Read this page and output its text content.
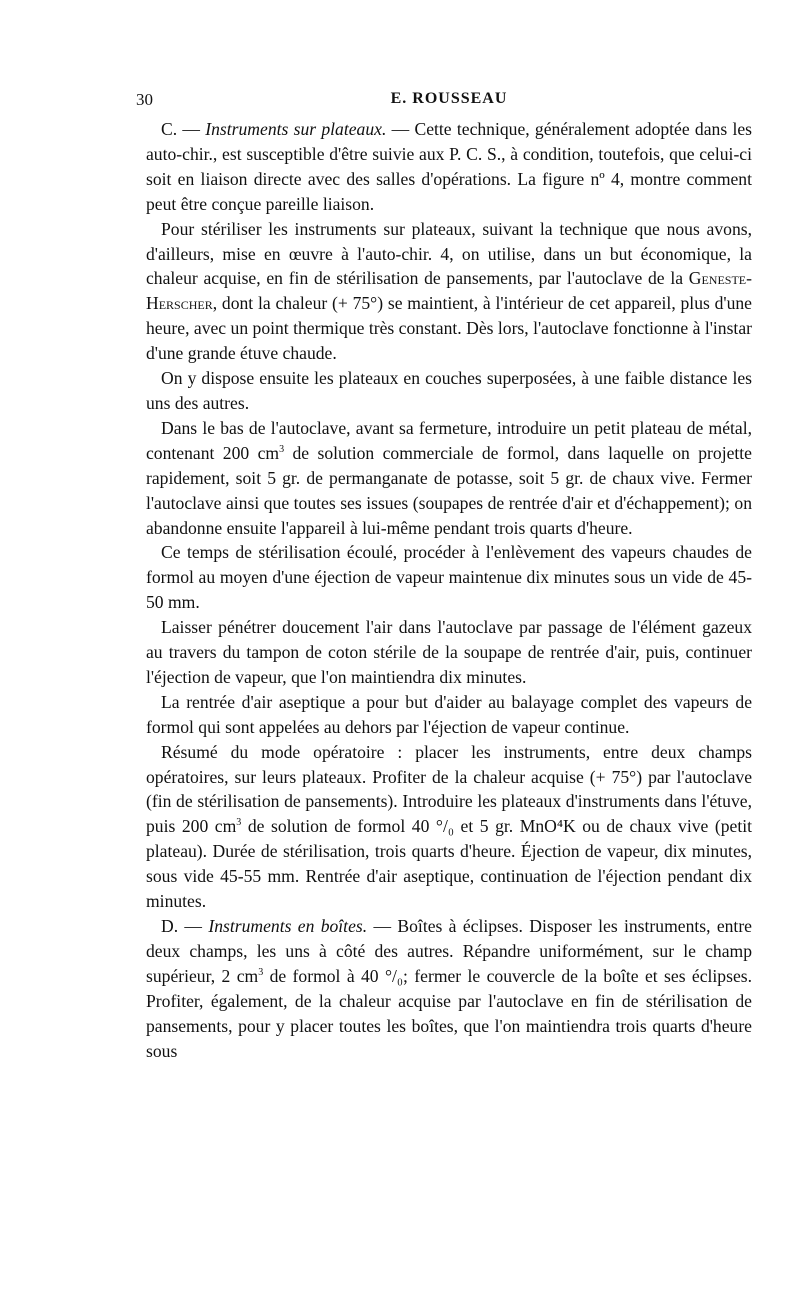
30	E. ROUSSEAU

C. — Instruments sur plateaux. — Cette technique, généralement adoptée dans les auto-chir., est susceptible d'être suivie aux P. C. S., à condition, toutefois, que celui-ci soit en liaison directe avec des salles d'opérations. La figure nº 4, montre comment peut être conçue pareille liaison.

Pour stériliser les instruments sur plateaux, suivant la technique que nous avons, d'ailleurs, mise en œuvre à l'auto-chir. 4, on utilise, dans un but économique, la chaleur acquise, en fin de stérilisation de pansements, par l'autoclave de la Geneste-Herscher, dont la chaleur (+ 75°) se maintient, à l'intérieur de cet appareil, plus d'une heure, avec un point thermique très constant. Dès lors, l'autoclave fonctionne à l'instar d'une grande étuve chaude.

On y dispose ensuite les plateaux en couches superposées, à une faible distance les uns des autres.

Dans le bas de l'autoclave, avant sa fermeture, introduire un petit plateau de métal, contenant 200 $cm^3$ de solution commerciale de formol, dans laquelle on projette rapidement, soit 5 gr. de permanganate de potasse, soit 5 gr. de chaux vive. Fermer l'autoclave ainsi que toutes ses issues (soupapes de rentrée d'air et d'échappement); on abandonne ensuite l'appareil à lui-même pendant trois quarts d'heure.

Ce temps de stérilisation écoulé, procéder à l'enlèvement des vapeurs chaudes de formol au moyen d'une éjection de vapeur maintenue dix minutes sous un vide de 45-50 mm.

Laisser pénétrer doucement l'air dans l'autoclave par passage de l'élément gazeux au travers du tampon de coton stérile de la soupape de rentrée d'air, puis, continuer l'éjection de vapeur, que l'on maintiendra dix minutes.

La rentrée d'air aseptique a pour but d'aider au balayage complet des vapeurs de formol qui sont appelées au dehors par l'éjection de vapeur continue.

Résumé du mode opératoire : placer les instruments, entre deux champs opératoires, sur leurs plateaux. Profiter de la chaleur acquise (+ 75°) par l'autoclave (fin de stérilisation de pansements). Introduire les plateaux d'instruments dans l'étuve, puis 200 $cm^3$ de solution de formol 40 °/₀ et 5 gr. MnO⁴K ou de chaux vive (petit plateau). Durée de stérilisation, trois quarts d'heure. Éjection de vapeur, dix minutes, sous vide 45-55 mm. Rentrée d'air aseptique, continuation de l'éjection pendant dix minutes.

D. — Instruments en boîtes. — Boîtes à éclipses. Disposer les instruments, entre deux champs, les uns à côté des autres. Répandre uniformément, sur le champ supérieur, 2 $cm^3$ de formol à 40 °/₀; fermer le couvercle de la boîte et ses éclipses. Profiter, également, de la chaleur acquise par l'autoclave en fin de stérilisation de pansements, pour y placer toutes les boîtes, que l'on maintiendra trois quarts d'heure sous
